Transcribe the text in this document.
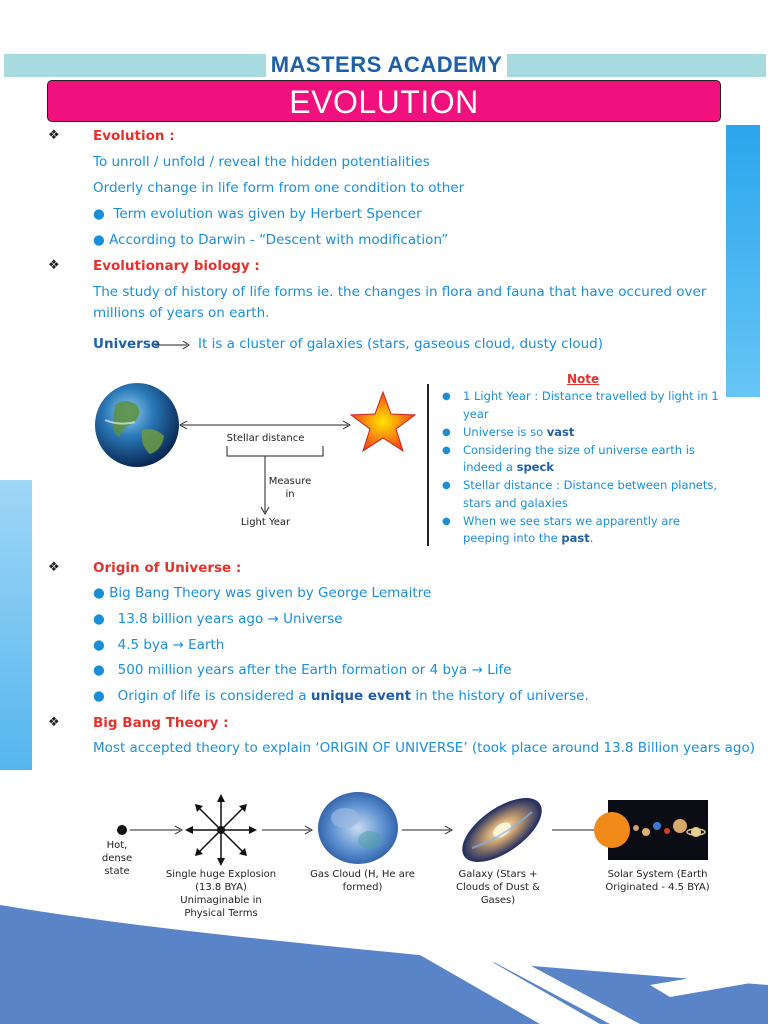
MASTERS ACADEMY
EVOLUTION
❖ Evolution :
To unroll / unfold / reveal the hidden potentialities
Orderly change in life form from one condition to other
●  Term evolution was given by Herbert Spencer
● According to Darwin - “Descent with modification”
❖ Evolutionary biology :
The study of history of life forms ie. the changes in flora and fauna that have occured over millions of years on earth.
Universe	It is a cluster of galaxies (stars, gaseous cloud, dusty cloud)
Stellar distance
Measure in
Light Year
Note
● 1 Light Year : Distance travelled by light in 1 year
● Universe is so vast
● Considering the size of universe earth is indeed a speck
● Stellar distance : Distance between planets, stars and galaxies
● When we see stars we apparently are peeping into the past.
❖ Origin of Universe :
● Big Bang Theory was given by George Lemaitre
●   13.8 billion years ago → Universe
●   4.5 bya → Earth
●   500 million years after the Earth formation or 4 bya → Life
●   Origin of life is considered a unique event in the history of universe.
❖ Big Bang Theory :
Most accepted theory to explain ‘ORIGIN OF UNIVERSE’ (took place around 13.8 Billion years ago)
Hot, dense state	Single huge Explosion (13.8 BYA) Unimaginable in Physical Terms
Gas Cloud (H, He are formed)
Galaxy (Stars + Clouds of Dust & Gases)
Solar System (Earth Originated - 4.5 BYA)
